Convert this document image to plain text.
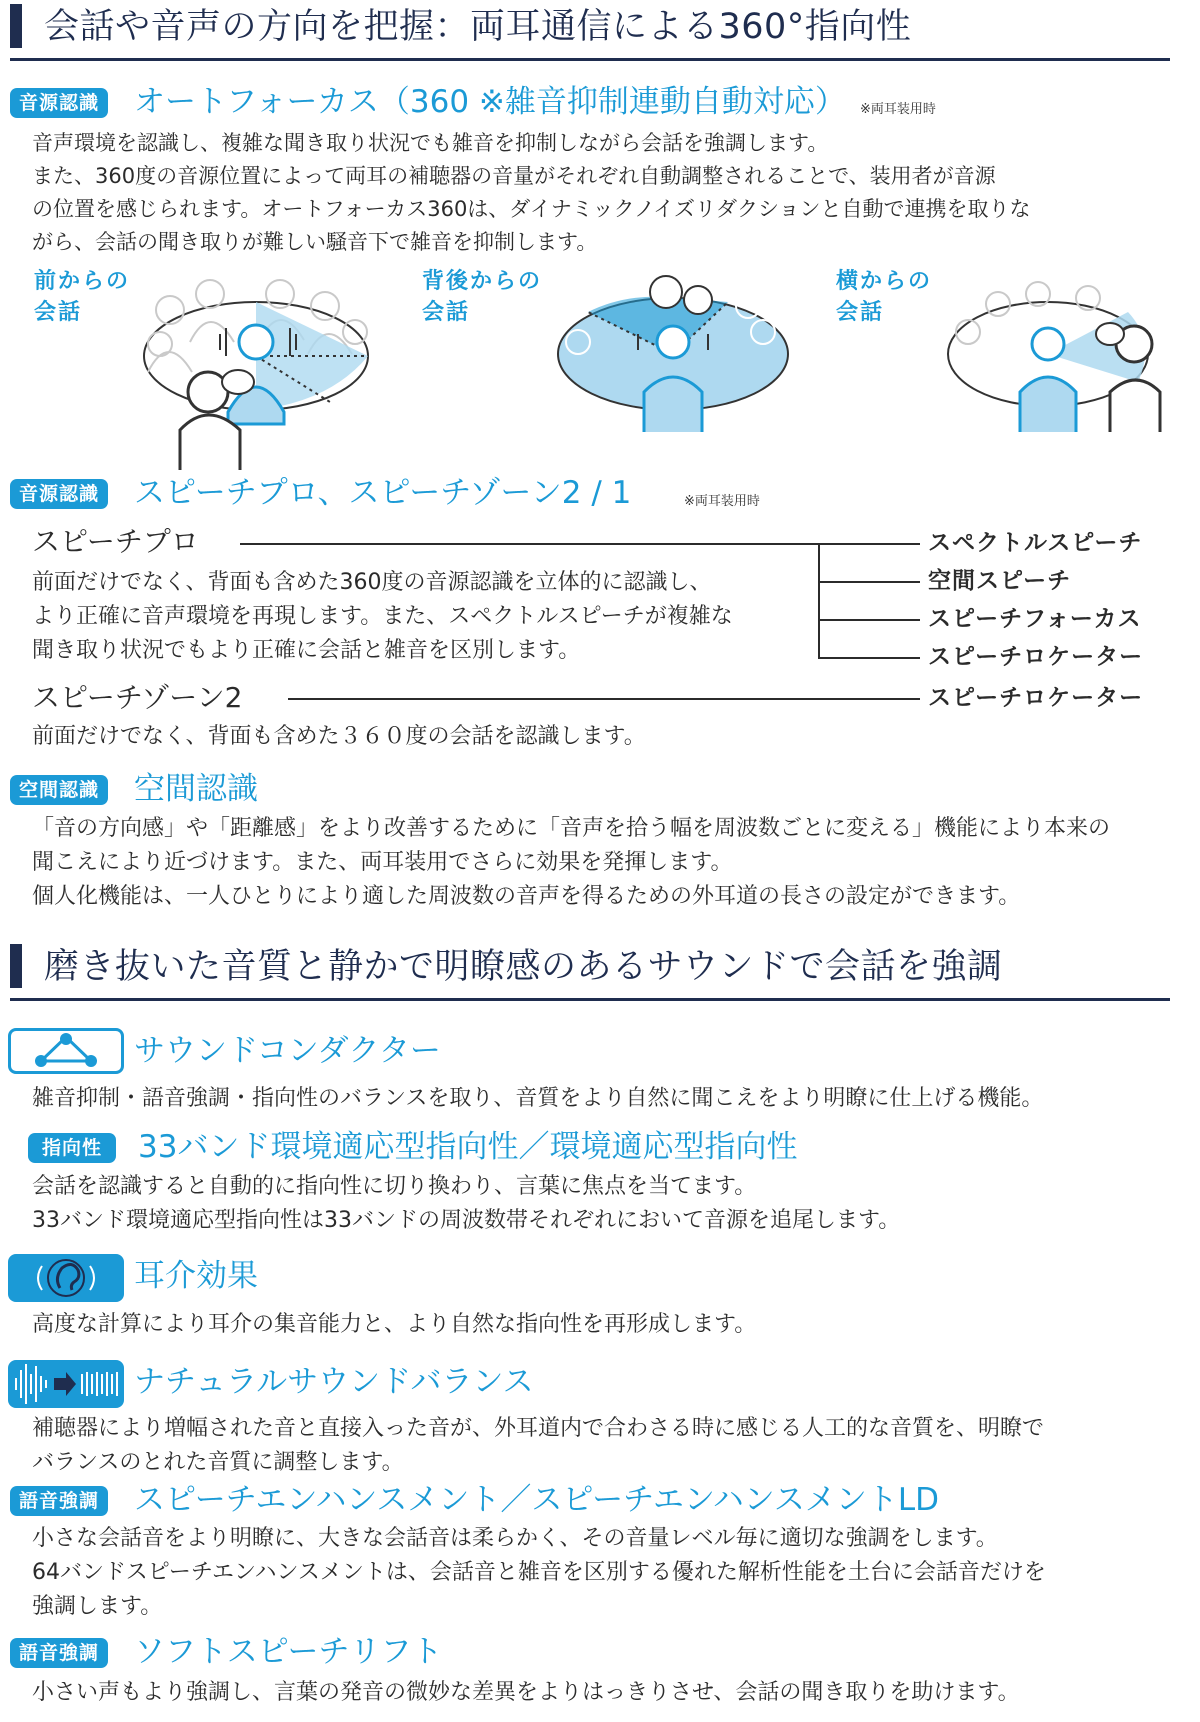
会話や音声の方向を把握：両耳通信による360°指向性
音源認識 オートフォーカス（360 ※雑音抑制連動自動対応） ※両耳装用時

音声環境を認識し、複雑な聞き取り状況でも雑音を抑制しながら会話を強調します。

また、360度の音源位置によって両耳の補聴器の音量がそれぞれ自動調整されることで、装用者が音源

の位置を感じられます。オートフォーカス360は、ダイナミックノイズリダクションと自動で連携を取りな

がら、会話の聞き取りが難しい騒音下で雑音を抑制します。

前からの
会話
背後からの
会話
横からの
会話
音源認識 スピーチプロ、スピーチゾーン2 / 1	※両耳装用時
スピーチプロ	スペクトルスピーチ
空間スピーチ
スピーチフォーカス
スピーチロケーター

前面だけでなく、背面も含めた360度の音源認識を立体的に認識し、

より正確に音声環境を再現します。また、スペクトルスピーチが複雑な

聞き取り状況でもより正確に会話と雑音を区別します。

スピーチゾーン2	スピーチロケーター

前面だけでなく、背面も含めた３６０度の会話を認識します。

空間認識 空間認識

「音の方向感」や「距離感」をより改善するために「音声を拾う幅を周波数ごとに変える」機能により本来の

聞こえにより近づけます。また、両耳装用でさらに効果を発揮します。

個人化機能は、一人ひとりにより適した周波数の音声を得るための外耳道の長さの設定ができます。

磨き抜いた音質と静かで明瞭感のあるサウンドで会話を強調
サウンドコンダクター

雑音抑制・語音強調・指向性のバランスを取り、音質をより自然に聞こえをより明瞭に仕上げる機能。

指向性	33バンド環境適応型指向性／環境適応型指向性

会話を認識すると自動的に指向性に切り換わり、言葉に焦点を当てます。

33バンド環境適応型指向性は33バンドの周波数帯それぞれにおいて音源を追尾します。

耳介効果

高度な計算により耳介の集音能力と、より自然な指向性を再形成します。

ナチュラルサウンドバランス

補聴器により増幅された音と直接入った音が、外耳道内で合わさる時に感じる人工的な音質を、明瞭で

バランスのとれた音質に調整します。

語音強調 スピーチエンハンスメント／スピーチエンハンスメントLD

小さな会話音をより明瞭に、大きな会話音は柔らかく、その音量レベル毎に適切な強調をします。

64バンドスピーチエンハンスメントは、会話音と雑音を区別する優れた解析性能を土台に会話音だけを

強調します。

語音強調 ソフトスピーチリフト

小さい声もより強調し、言葉の発音の微妙な差異をよりはっきりさせ、会話の聞き取りを助けます。
